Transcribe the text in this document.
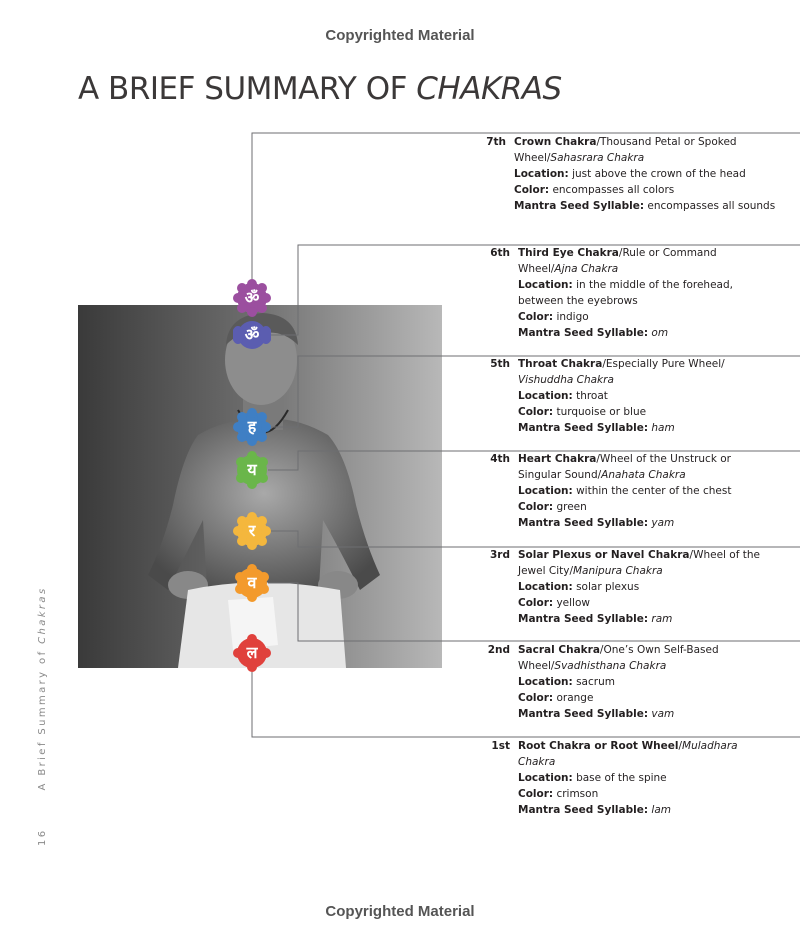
Copyrighted Material
A BRIEF SUMMARY OF CHAKRAS
ॐ
ॐ
ह
य
र
व
ल
7th Crown Chakra/Thousand Petal or Spoked
Wheel/Sahasrara Chakra
Location: just above the crown of the head
Color: encompasses all colors
Mantra Seed Syllable: encompasses all sounds
6th Third Eye Chakra/Rule or Command
Wheel/Ajna Chakra
Location: in the middle of the forehead,
between the eyebrows
Color: indigo
Mantra Seed Syllable: om
5th Throat Chakra/Especially Pure Wheel/
Vishuddha Chakra
Location: throat
Color: turquoise or blue
Mantra Seed Syllable: ham
4th Heart Chakra/Wheel of the Unstruck or
Singular Sound/Anahata Chakra
Location: within the center of the chest
Color: green
Mantra Seed Syllable: yam
3rd Solar Plexus or Navel Chakra/Wheel of the
Jewel City/Manipura Chakra
Location: solar plexus
Color: yellow
Mantra Seed Syllable: ram
2nd Sacral Chakra/One’s Own Self-Based
Wheel/Svadhisthana Chakra
Location: sacrum
Color: orange
Mantra Seed Syllable: vam
1st Root Chakra or Root Wheel/Muladhara
Chakra
Location: base of the spine
Color: crimson
Mantra Seed Syllable: lam
16A Brief Summary of Chakras
Copyrighted Material
